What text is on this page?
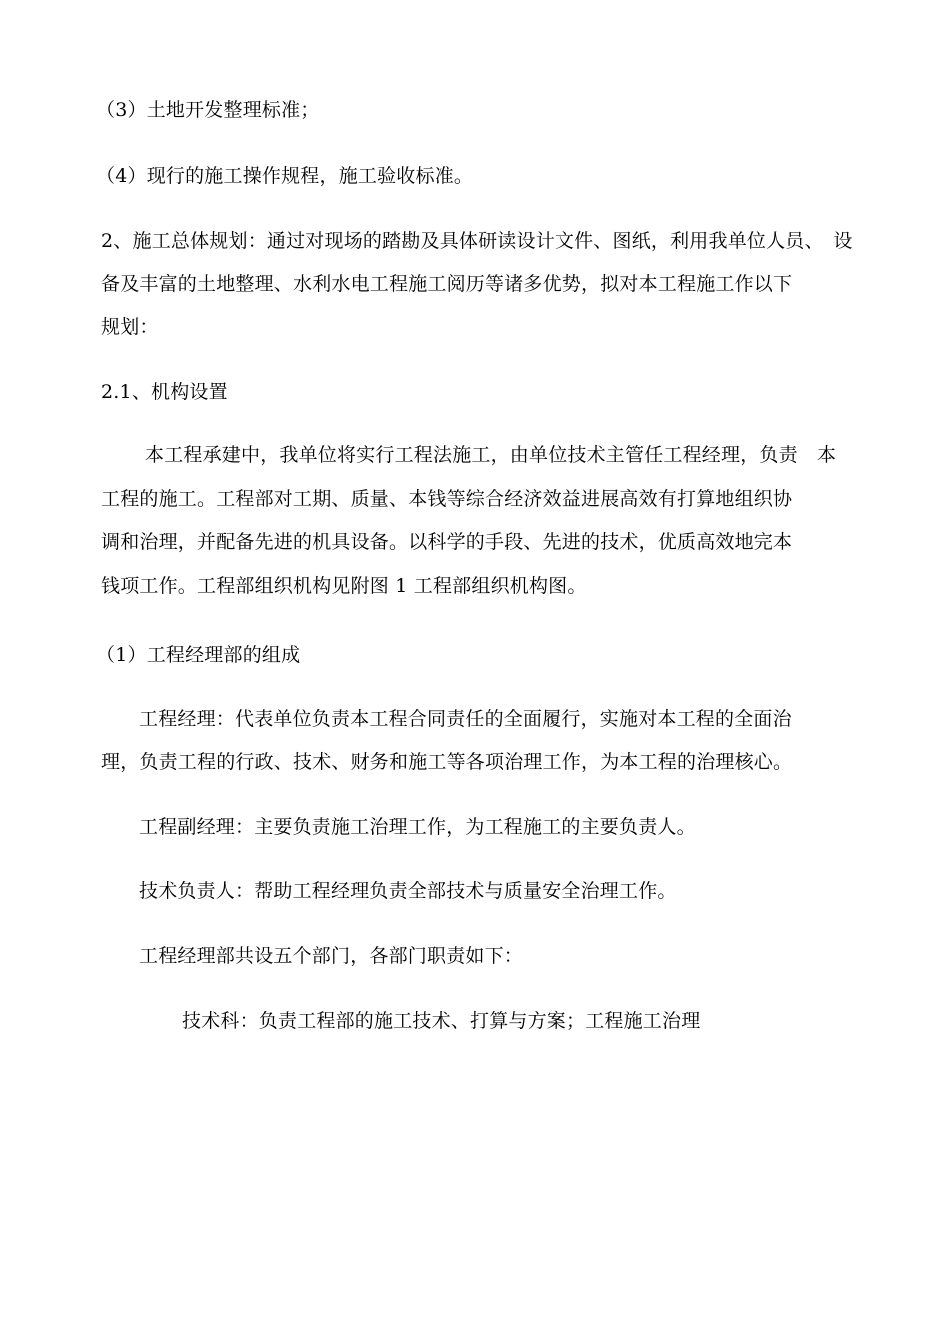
（3）土地开发整理标准；
（4）现行的施工操作规程，施工验收标准。
2、施工总体规划：通过对现场的踏勘及具体研读设计文件、图纸，利用我单位人员、　设
备及丰富的土地整理、水利水电工程施工阅历等诸多优势，拟对本工程施工作以下
规划：
2.1、机构设置
本工程承建中，我单位将实行工程法施工，由单位技术主管任工程经理，负责　本
工程的施工。工程部对工期、质量、本钱等综合经济效益进展高效有打算地组织协
调和治理，并配备先进的机具设备。以科学的手段、先进的技术，优质高效地完本
钱项工作。工程部组织机构见附图 1 工程部组织机构图。
（1）工程经理部的组成
工程经理：代表单位负责本工程合同责任的全面履行，实施对本工程的全面治
理，负责工程的行政、技术、财务和施工等各项治理工作，为本工程的治理核心。
工程副经理：主要负责施工治理工作，为工程施工的主要负责人。
技术负责人：帮助工程经理负责全部技术与质量安全治理工作。
工程经理部共设五个部门，各部门职责如下：
技术科：负责工程部的施工技术、打算与方案；工程施工治理
